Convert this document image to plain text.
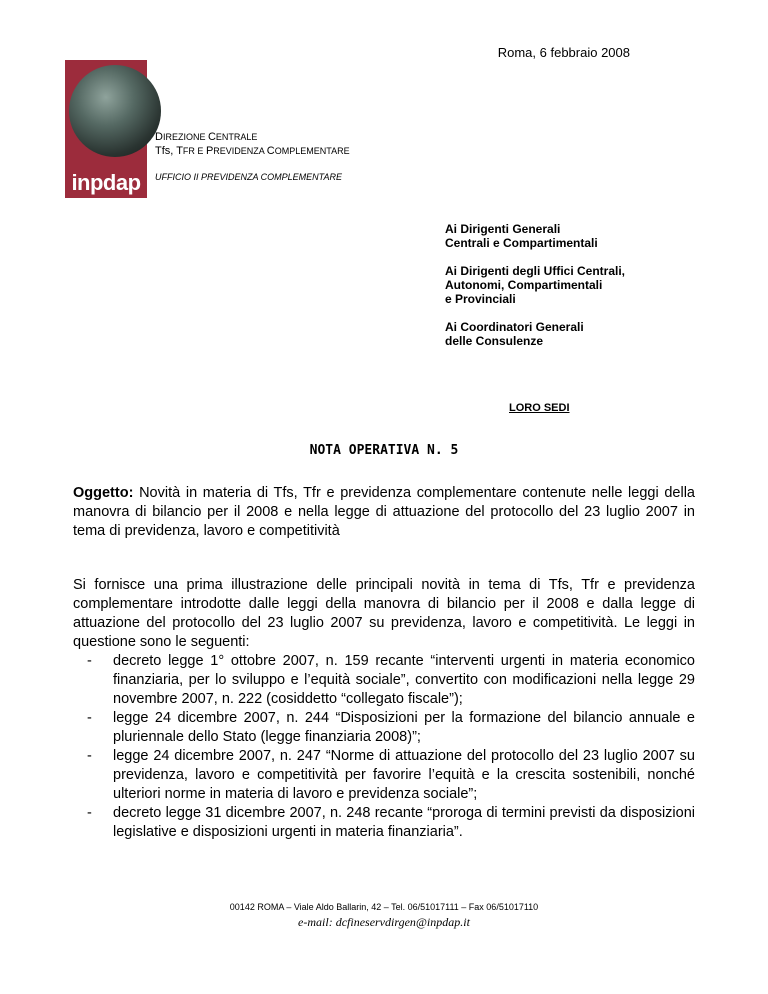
Roma, 6 febbraio 2008
inpdap
DIREZIONE CENTRALE
Tfs, TFR E PREVIDENZA COMPLEMENTARE
UFFICIO II PREVIDENZA COMPLEMENTARE
Ai Dirigenti Generali
Centrali e Compartimentali
Ai Dirigenti degli Uffici Centrali,
Autonomi, Compartimentali
e Provinciali
Ai Coordinatori Generali
delle Consulenze
LORO SEDI
NOTA OPERATIVA N. 5
Oggetto: Novità in materia di Tfs, Tfr e previdenza complementare contenute nelle leggi della manovra di bilancio per il 2008 e nella legge di attuazione del protocollo del 23 luglio 2007 in tema di previdenza, lavoro e competitività
Si fornisce una prima illustrazione delle principali novità in tema di Tfs, Tfr e previdenza complementare introdotte dalle leggi della manovra di bilancio per il 2008 e dalla legge di attuazione del protocollo del 23 luglio 2007 su previdenza, lavoro e competitività. Le leggi in questione sono le seguenti:
-	decreto legge 1° ottobre 2007, n. 159 recante “interventi urgenti in materia economico finanziaria, per lo sviluppo e l’equità sociale”, convertito con modificazioni nella legge 29 novembre 2007, n. 222 (cosiddetto “collegato fiscale”);
-	legge 24 dicembre 2007, n. 244 “Disposizioni per la formazione del bilancio annuale e pluriennale dello Stato (legge finanziaria 2008)”;
-	legge 24 dicembre 2007, n. 247 “Norme di attuazione del protocollo del 23 luglio 2007 su previdenza, lavoro e competitività per favorire l’equità e la crescita sostenibili, nonché ulteriori norme in materia di lavoro e previdenza sociale”;
-	decreto legge 31 dicembre 2007, n. 248 recante “proroga di termini previsti da disposizioni legislative e disposizioni urgenti in materia finanziaria”.
00142 ROMA – Viale Aldo Ballarin, 42 – Tel. 06/51017111 – Fax 06/51017110
e-mail: dcfineservdirgen@inpdap.it
